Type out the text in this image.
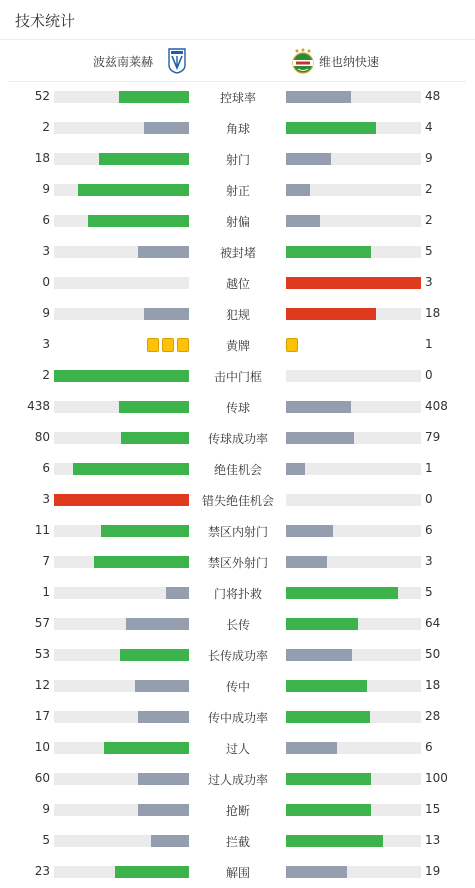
技术统计
波兹南莱赫	维也纳快速
52	控球率	48
2	角球	4
18	射门	9
9	射正	2
6	射偏	2
3	被封堵	5
0	越位	3
9	犯规	18
3	黄牌	1
2	击中门框	0
438	传球	408
80	传球成功率	79
6	绝佳机会	1
3	错失绝佳机会	0
11	禁区内射门	6
7	禁区外射门	3
1	门将扑救	5
57	长传	64
53	长传成功率	50
12	传中	18
17	传中成功率	28
10	过人	6
60	过人成功率	100
9	抢断	15
5	拦截	13
23	解围	19
